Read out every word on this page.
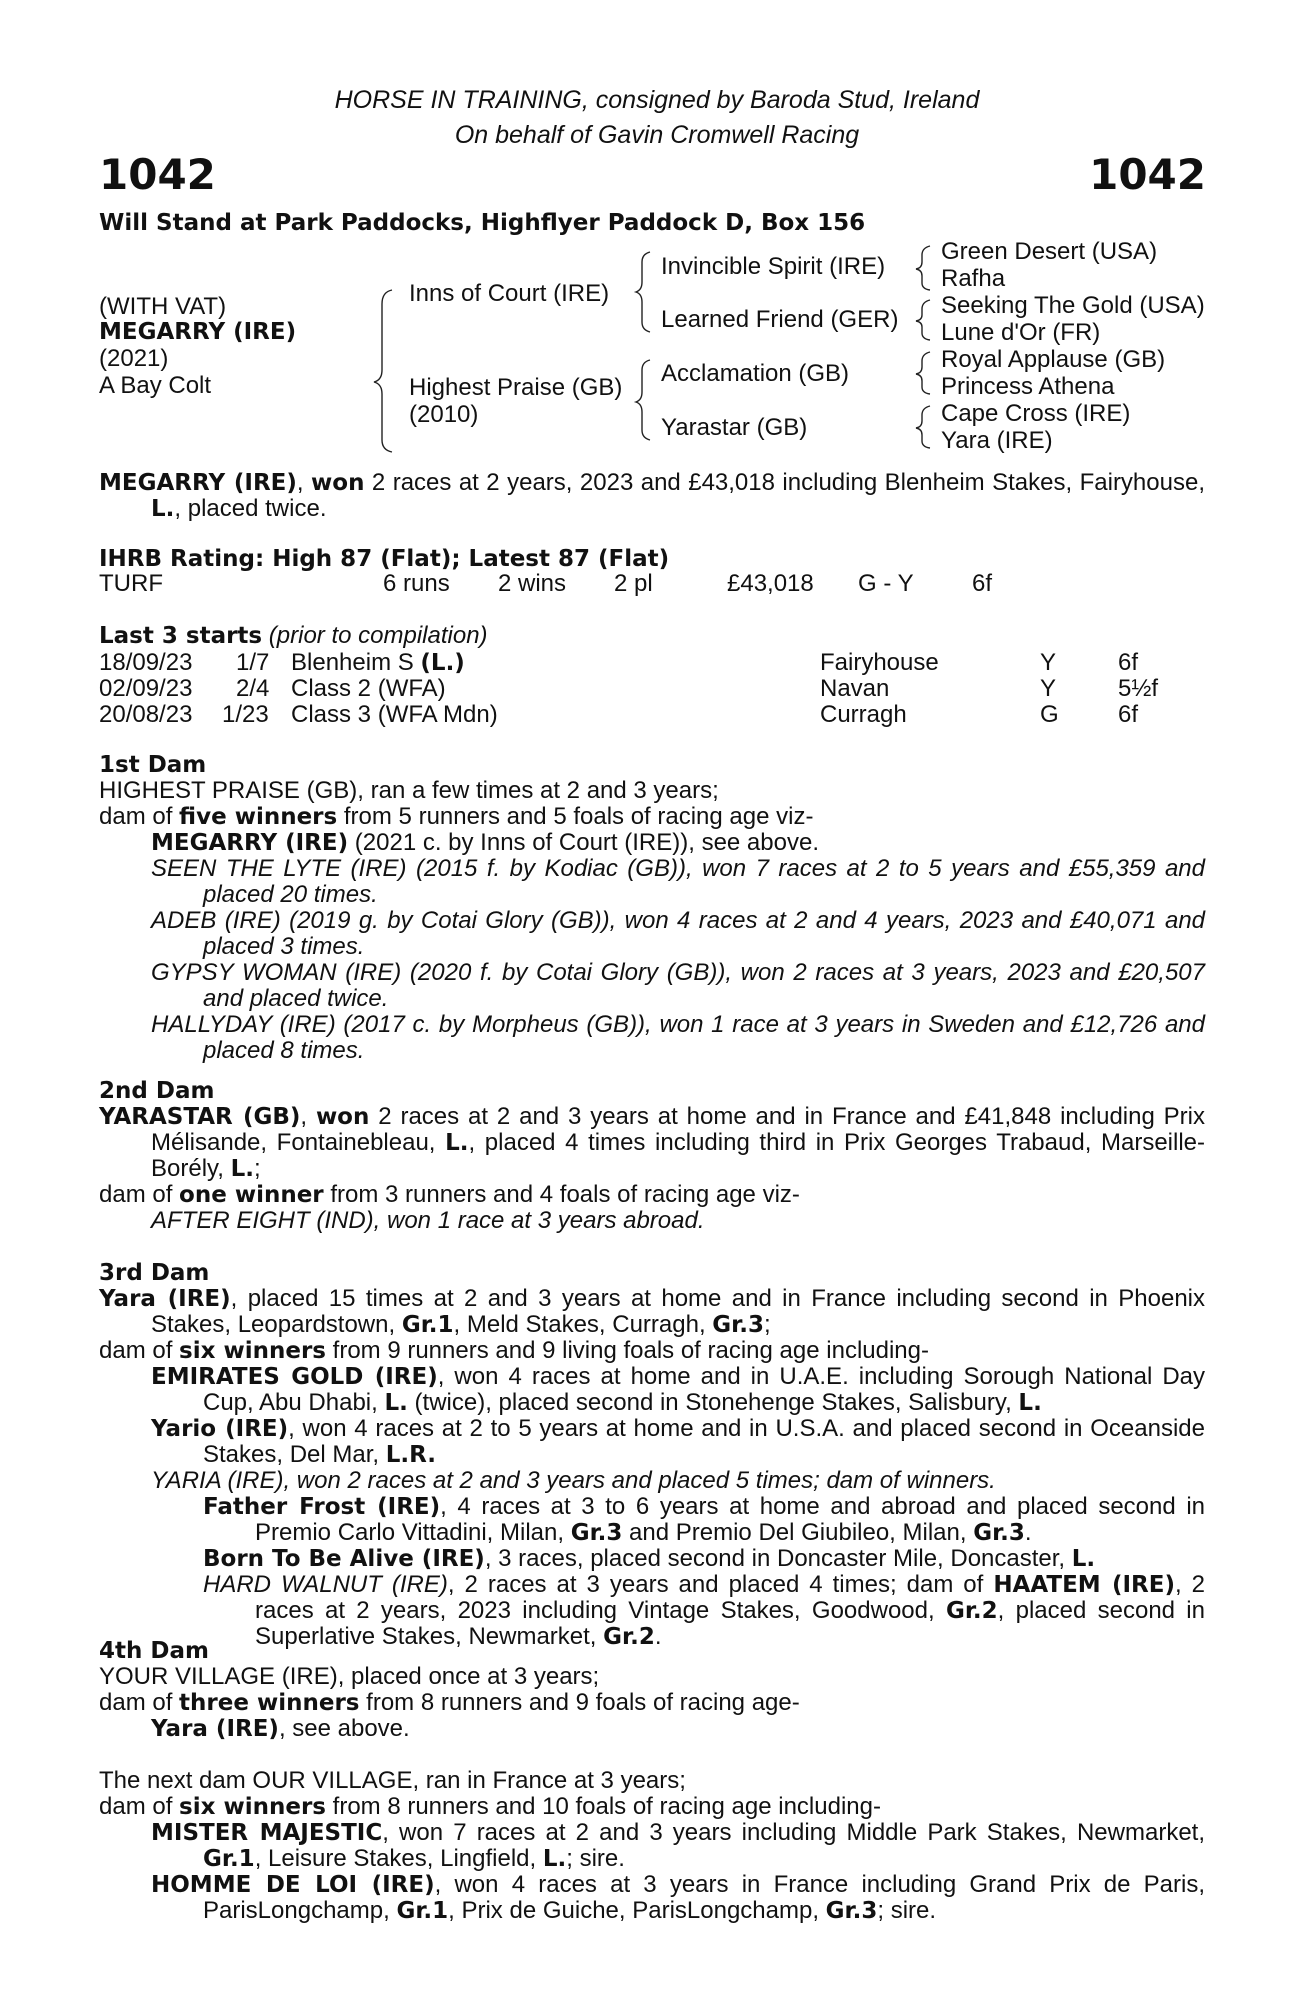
HORSE IN TRAINING, consigned by Baroda Stud, Ireland
On behalf of Gavin Cromwell Racing
1042	1042
Will Stand at Park Paddocks, Highflyer Paddock D, Box 156
(WITH VAT)
MEGARRY (IRE)
(2021)
A Bay Colt
Inns of Court (IRE)
Highest Praise (GB)
(2010)
Invincible Spirit (IRE)
Learned Friend (GER)
Acclamation (GB)
Yarastar (GB)
Green Desert (USA)
Rafha
Seeking The Gold (USA)
Lune d'Or (FR)
Royal Applause (GB)
Princess Athena
Cape Cross (IRE)
Yara (IRE)

MEGARRY (IRE), won 2 races at 2 years, 2023 and £43,018 including Blenheim Stakes, Fairyhouse, L., placed twice.

IHRB Rating: High 87 (Flat); Latest 87 (Flat)
TURF	6 runs 2 wins 2 pl	£43,018 G - Y 6f
Last 3 starts (prior to compilation)
18/09/23 1/7 Blenheim S (L.)	Fairyhouse	Y	6f
02/09/23 2/4 Class 2 (WFA)	Navan	Y	5½f
20/08/23 1/23 Class 3 (WFA Mdn)	Curragh	G 6f

1st Dam

HIGHEST PRAISE (GB), ran a few times at 2 and 3 years;

dam of five winners from 5 runners and 5 foals of racing age viz-

MEGARRY (IRE) (2021 c. by Inns of Court (IRE)), see above.

SEEN THE LYTE (IRE) (2015 f. by Kodiac (GB)), won 7 races at 2 to 5 years and £55,359 and placed 20 times.

ADEB (IRE) (2019 g. by Cotai Glory (GB)), won 4 races at 2 and 4 years, 2023 and £40,071 and placed 3 times.

GYPSY WOMAN (IRE) (2020 f. by Cotai Glory (GB)), won 2 races at 3 years, 2023 and £20,507 and placed twice.

HALLYDAY (IRE) (2017 c. by Morpheus (GB)), won 1 race at 3 years in Sweden and £12,726 and placed 8 times.

2nd Dam

YARASTAR (GB), won 2 races at 2 and 3 years at home and in France and £41,848 including Prix Mélisande, Fontainebleau, L., placed 4 times including third in Prix Georges Trabaud, Marseille-Borély, L.;

dam of one winner from 3 runners and 4 foals of racing age viz-

AFTER EIGHT (IND), won 1 race at 3 years abroad.

3rd Dam

Yara (IRE), placed 15 times at 2 and 3 years at home and in France including second in Phoenix Stakes, Leopardstown, Gr.1, Meld Stakes, Curragh, Gr.3;

dam of six winners from 9 runners and 9 living foals of racing age including-

EMIRATES GOLD (IRE), won 4 races at home and in U.A.E. including Sorough National Day Cup, Abu Dhabi, L. (twice), placed second in Stonehenge Stakes, Salisbury, L.

Yario (IRE), won 4 races at 2 to 5 years at home and in U.S.A. and placed second in Oceanside Stakes, Del Mar, L.R.

YARIA (IRE), won 2 races at 2 and 3 years and placed 5 times; dam of winners.

Father Frost (IRE), 4 races at 3 to 6 years at home and abroad and placed second in Premio Carlo Vittadini, Milan, Gr.3 and Premio Del Giubileo, Milan, Gr.3.

Born To Be Alive (IRE), 3 races, placed second in Doncaster Mile, Doncaster, L.

HARD WALNUT (IRE), 2 races at 3 years and placed 4 times; dam of HAATEM (IRE), 2 races at 2 years, 2023 including Vintage Stakes, Goodwood, Gr.2, placed second in Superlative Stakes, Newmarket, Gr.2.

4th Dam

YOUR VILLAGE (IRE), placed once at 3 years;

dam of three winners from 8 runners and 9 foals of racing age-

Yara (IRE), see above.

The next dam OUR VILLAGE, ran in France at 3 years;

dam of six winners from 8 runners and 10 foals of racing age including-

MISTER MAJESTIC, won 7 races at 2 and 3 years including Middle Park Stakes, Newmarket, Gr.1, Leisure Stakes, Lingfield, L.; sire.

HOMME DE LOI (IRE), won 4 races at 3 years in France including Grand Prix de Paris, ParisLongchamp, Gr.1, Prix de Guiche, ParisLongchamp, Gr.3; sire.
